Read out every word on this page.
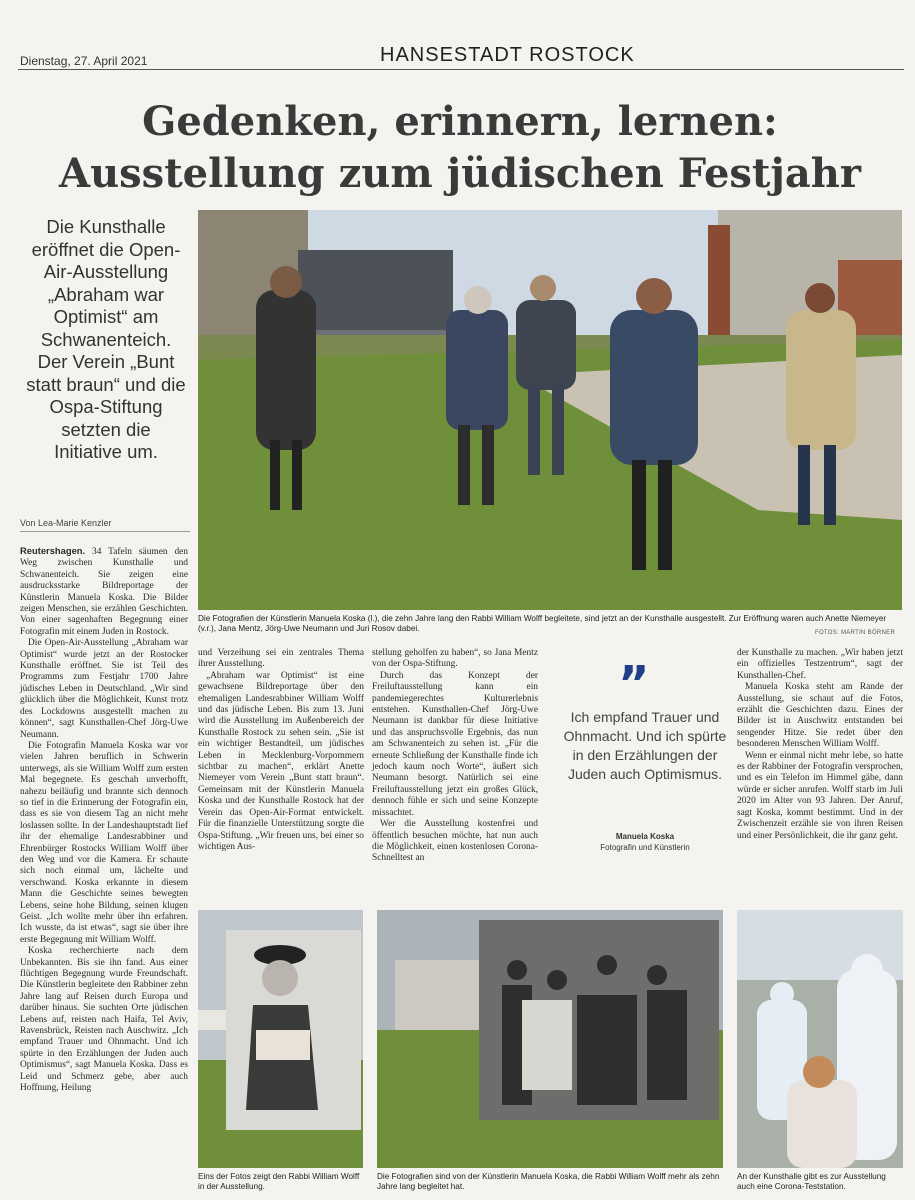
Dienstag, 27. April 2021	HANSESTADT ROSTOCK
Gedenken, erinnern, lernen:
Ausstellung zum jüdischen Festjahr
Die Kunsthalle eröffnet die Open-Air-Ausstellung „Abraham war Optimist“ am Schwanenteich. Der Verein „Bunt statt braun“ und die Ospa-Stiftung setzten die Initiative um.
Von Lea-Marie Kenzler
Die Fotografien der Künstlerin Manuela Koska (l.), die zehn Jahre lang den Rabbi William Wolff begleitete, sind jetzt an der Kunsthalle ausgestellt. Zur Eröffnung waren auch Anette Niemeyer (v.r.), Jana Mentz, Jörg-Uwe Neumann und Juri Rosov dabei.	FOTOS: MARTIN BÖRNER

Reutershagen. 34 Tafeln säumen den Weg zwischen Kunsthalle und Schwanenteich. Sie zeigen eine ausdrucksstarke Bildreportage der Künstlerin Manuela Koska. Die Bilder zeigen Menschen, sie erzählen Geschichten. Von einer sagenhaften Begegnung einer Fotografin mit einem Juden in Rostock.

Die Open-Air-Ausstellung „Abraham war Optimist“ wurde jetzt an der Rostocker Kunsthalle eröffnet. Sie ist Teil des Programms zum Festjahr 1700 Jahre jüdisches Leben in Deutschland. „Wir sind glücklich über die Möglichkeit, Kunst trotz des Lockdowns ausgestellt machen zu können“, sagt Kunsthallen-Chef Jörg-Uwe Neumann.

Die Fotografin Manuela Koska war vor vielen Jahren beruflich in Schwerin unterwegs, als sie William Wolff zum ersten Mal begegnete. Es geschah unverhofft, nahezu beiläufig und brannte sich dennoch so tief in die Erinnerung der Fotografin ein, dass es sie von diesem Tag an nicht mehr loslassen sollte. In der Landeshauptstadt lief ihr der ehemalige Landesrabbiner und Ehrenbürger Rostocks William Wolff über den Weg und vor die Kamera. Er schaute sich noch einmal um, lächelte und verschwand. Koska erkannte in diesem Mann die Geschichte seines bewegten Lebens, seine hohe Bildung, seinen klugen Geist. „Ich wollte mehr über ihn erfahren. Ich wusste, da ist etwas“, sagt sie über ihre erste Begegnung mit William Wolff.

Koska recherchierte nach dem Unbekannten. Bis sie ihn fand. Aus einer flüchtigen Begegnung wurde Freundschaft. Die Künstlerin begleitete den Rabbiner zehn Jahre lang auf Reisen durch Europa und darüber hinaus. Sie suchten Orte jüdischen Lebens auf, reisten nach Haifa, Tel Aviv, Ravensbrück, Reisten nach Auschwitz. „Ich empfand Trauer und Ohnmacht. Und ich spürte in den Erzählungen der Juden auch Optimismus“, sagt Manuela Koska. Dass es Leid und Schmerz gebe, aber auch Hoffnung, Heilung

und Verzeihung sei ein zentrales Thema ihrer Ausstellung.

„Abraham war Optimist“ ist eine gewachsene Bildreportage über den ehemaligen Landesrabbiner William Wolff und das jüdische Leben. Bis zum 13. Juni wird die Ausstellung im Außenbereich der Kunsthalle Rostock zu sehen sein. „Sie ist ein wichtiger Bestandteil, um jüdisches Leben in Mecklenburg-Vorpommern sichtbar zu machen“, erklärt Anette Niemeyer vom Verein „Bunt statt braun“. Gemeinsam mit der Künstlerin Manuela Koska und der Kunsthalle Rostock hat der Verein das Open-Air-Format entwickelt. Für die finanzielle Unterstützung sorgte die Ospa-Stiftung. „Wir freuen uns, bei einer so wichtigen Aus-

stellung geholfen zu haben“, so Jana Mentz von der Ospa-Stiftung.

Durch das Konzept der Freiluftausstellung kann ein pandemiegerechtes Kulturerlebnis entstehen. Kunsthallen-Chef Jörg-Uwe Neumann ist dankbar für diese Initiative und das anspruchsvolle Ergebnis, das nun am Schwanenteich zu sehen ist. „Für die erneute Schließung der Kunsthalle finde ich jedoch kaum noch Worte“, äußert sich Neumann besorgt. Natürlich sei eine Freiluftausstellung jetzt ein großes Glück, dennoch fühle er sich und seine Konzepte missachtet.

Wer die Ausstellung kostenfrei und öffentlich besuchen möchte, hat nun auch die Möglichkeit, einen kostenlosen Corona-Schnelltest an

”
Ich empfand Trauer und Ohnmacht. Und ich spürte in den Erzählungen der Juden auch Optimismus.
Manuela Koska
Fotografin und Künstlerin

der Kunsthalle zu machen. „Wir haben jetzt ein offizielles Testzentrum“, sagt der Kunsthallen-Chef.

Manuela Koska steht am Rande der Ausstellung, sie schaut auf die Fotos, erzählt die Geschichten dazu. Eines der Bilder ist in Auschwitz entstanden bei sengender Hitze. Sie redet über den besonderen Menschen William Wolff.

Wenn er einmal nicht mehr lebe, so hatte es der Rabbiner der Fotografin versprochen, und es ein Telefon im Himmel gäbe, dann würde er sicher anrufen. Wolff starb im Juli 2020 im Alter von 93 Jahren. Der Anruf, sagt Koska, kommt bestimmt. Und in der Zwischenzeit erzähle sie von ihren Reisen und einer Persönlichkeit, die ihr ganz geht.

Eins der Fotos zeigt den Rabbi William Wolff in der Ausstellung.
Die Fotografien sind von der Künstlerin Manuela Koska, die Rabbi William Wolff mehr als zehn Jahre lang begleitet hat.
An der Kunsthalle gibt es zur Ausstellung auch eine Corona-Teststation.
